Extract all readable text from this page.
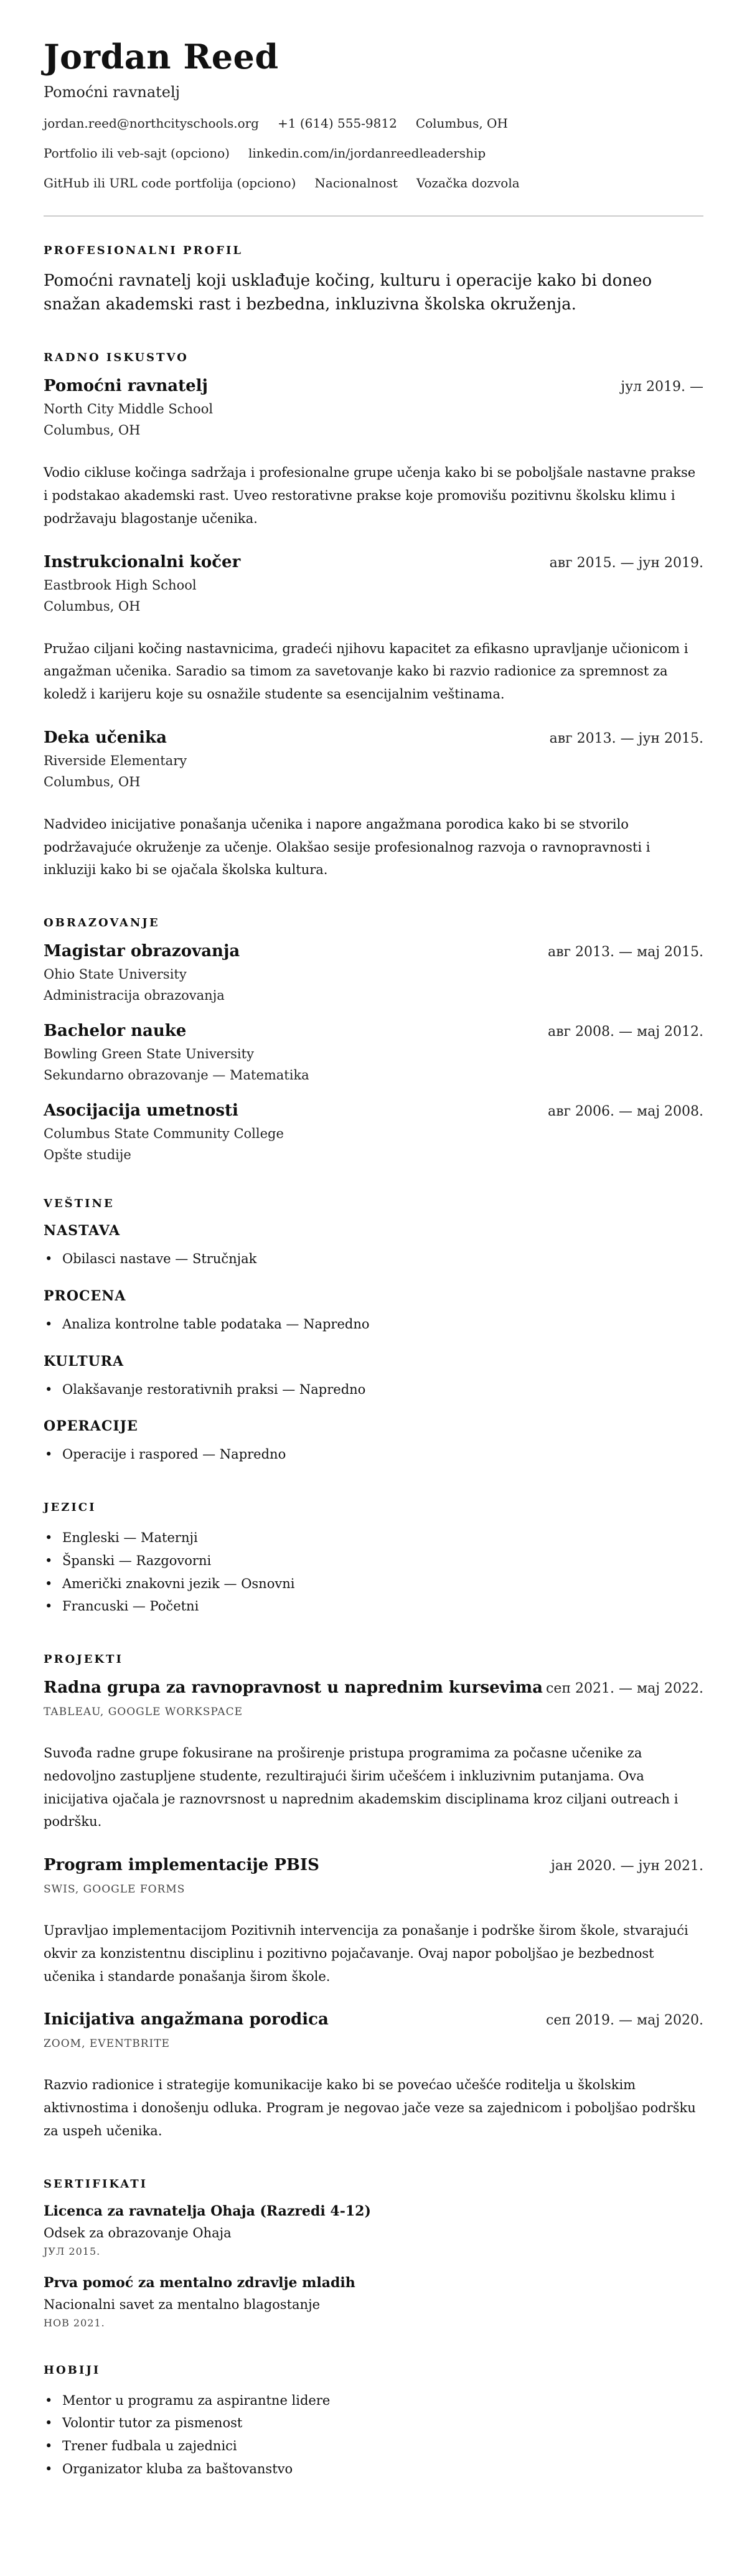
Jordan Reed
Pomoćni ravnatelj
jordan.reed@northcityschools.org +1 (614) 555-9812 Columbus, OH
Portfolio ili veb-sajt (opciono) linkedin.com/in/jordanreedleadership
GitHub ili URL code portfolija (opciono) Nacionalnost Vozačka dozvola
PROFESIONALNI PROFIL

Pomoćni ravnatelj koji usklađuje kočing, kulturu i operacije kako bi doneo snažan akademski rast i bezbedna, inkluzivna školska okruženja.

RADNO ISKUSTVO
Pomoćni ravnatelj	јул 2019. —
North City Middle School
Columbus, OH
Vodio cikluse kočinga sadržaja i profesionalne grupe učenja kako bi se poboljšale nastavne prakse i podstakao akademski rast. Uveo restorativne prakse koje promovišu pozitivnu školsku klimu i podržavaju blagostanje učenika.
Instrukcionalni kočer	авг 2015. — јун 2019.
Eastbrook High School
Columbus, OH
Pružao ciljani kočing nastavnicima, gradeći njihovu kapacitet za efikasno upravljanje učionicom i angažman učenika. Saradio sa timom za savetovanje kako bi razvio radionice za spremnost za koledž i karijeru koje su osnažile studente sa esencijalnim veštinama.
Deka učenika	авг 2013. — јун 2015.
Riverside Elementary
Columbus, OH
Nadvideo inicijative ponašanja učenika i napore angažmana porodica kako bi se stvorilo podržavajuće okruženje za učenje. Olakšao sesije profesionalnog razvoja o ravnopravnosti i inkluziji kako bi se ojačala školska kultura.
OBRAZOVANJE
Magistar obrazovanja	авг 2013. — мај 2015.
Ohio State University
Administracija obrazovanja
Bachelor nauke	авг 2008. — мај 2012.
Bowling Green State University
Sekundarno obrazovanje — Matematika
Asocijacija umetnosti	авг 2006. — мај 2008.
Columbus State Community College
Opšte studije
VEŠTINE
NASTAVA
• Obilasci nastave — Stručnjak
PROCENA
• Analiza kontrolne table podataka — Napredno
KULTURA
• Olakšavanje restorativnih praksi — Napredno
OPERACIJE
• Operacije i raspored — Napredno
JEZICI
• Engleski — Maternji
• Španski — Razgovorni
• Američki znakovni jezik — Osnovni
• Francuski — Početni
PROJEKTI
Radna grupa za ravnopravnost u naprednim kursevima сеп 2021. — мај 2022.
TABLEAU, GOOGLE WORKSPACE
Suvođa radne grupe fokusirane na proširenje pristupa programima za počasne učenike za nedovoljno zastupljene studente, rezultirajući širim učešćem i inkluzivnim putanjama. Ova inicijativa ojačala je raznovrsnost u naprednim akademskim disciplinama kroz ciljani outreach i podršku.
Program implementacije PBIS	јан 2020. — јун 2021.
SWIS, GOOGLE FORMS
Upravljao implementacijom Pozitivnih intervencija za ponašanje i podrške širom škole, stvarajući okvir za konzistentnu disciplinu i pozitivno pojačavanje. Ovaj napor poboljšao je bezbednost učenika i standarde ponašanja širom škole.
Inicijativa angažmana porodica	сеп 2019. — мај 2020.
ZOOM, EVENTBRITE
Razvio radionice i strategije komunikacije kako bi se povećao učešće roditelja u školskim aktivnostima i donošenju odluka. Program je negovao jače veze sa zajednicom i poboljšao podršku za uspeh učenika.
SERTIFIKATI
Licenca za ravnatelja Ohaja (Razredi 4-12)
Odsek za obrazovanje Ohaja
ЈУЛ 2015.
Prva pomoć za mentalno zdravlje mladih
Nacionalni savet za mentalno blagostanje
НОВ 2021.
HOBIJI
• Mentor u programu za aspirantne lidere
• Volontir tutor za pismenost
• Trener fudbala u zajednici
• Organizator kluba za baštovanstvo
